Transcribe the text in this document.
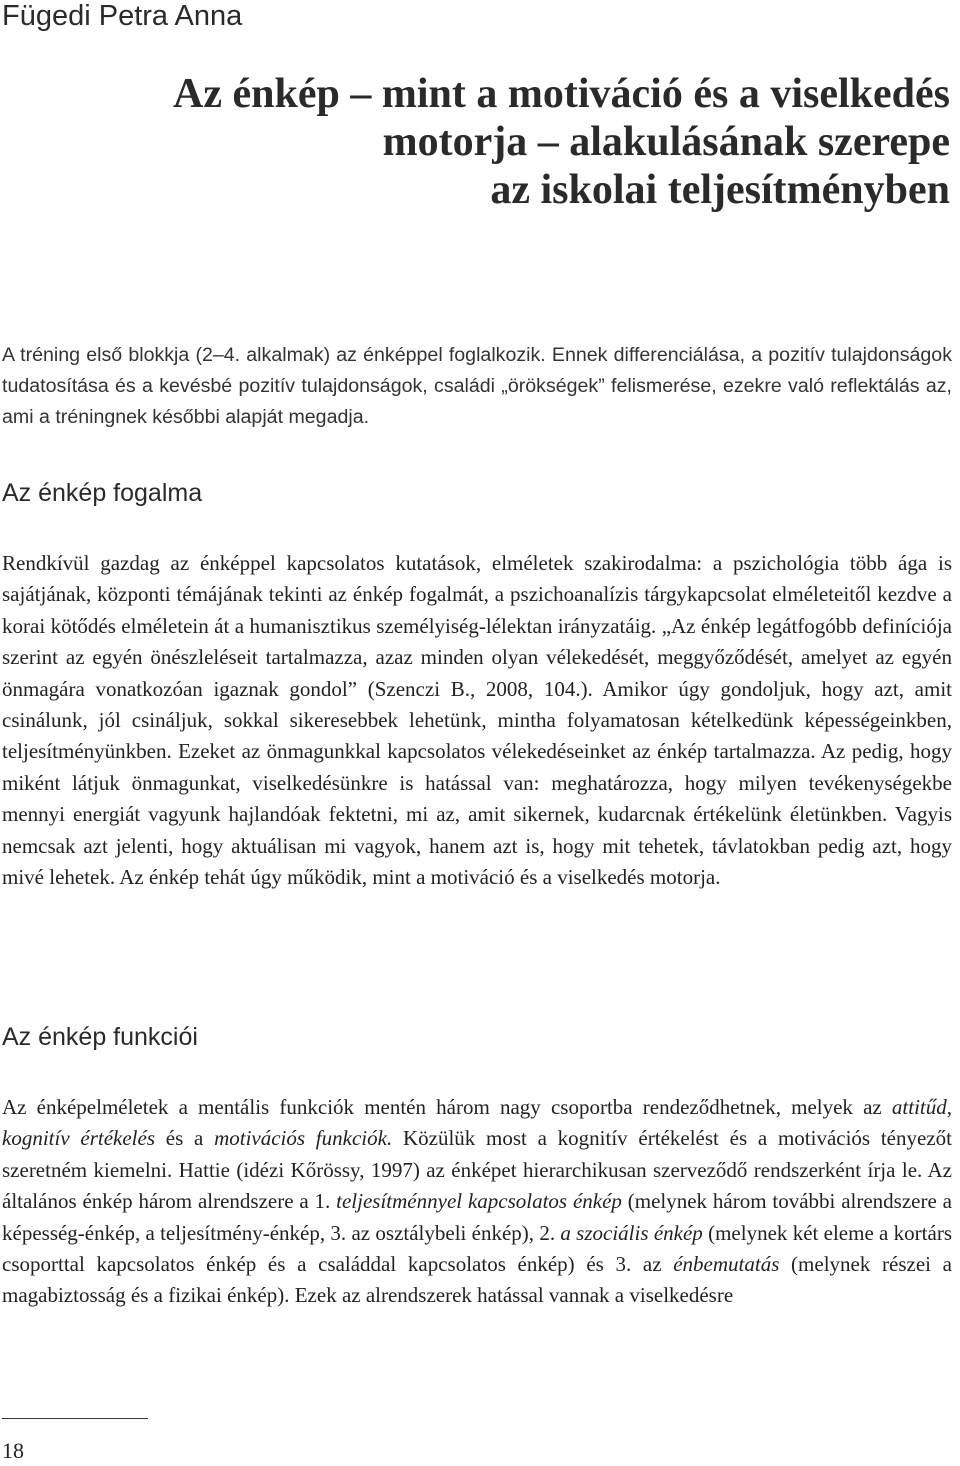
Fügedi Petra Anna
Az énkép – mint a motiváció és a viselkedés
motorja – alakulásának szerepe
az iskolai teljesítményben

A tréning első blokkja (2–4. alkalmak) az énképpel foglalkozik. Ennek differenciálása, a pozitív tulajdonságok tudatosítása és a kevésbé pozitív tulajdonságok, családi „örökségek” felismerése, ezekre való reflektálás az, ami a tréningnek későbbi alapját megadja.

Az énkép fogalma

Rendkívül gazdag az énképpel kapcsolatos kutatások, elméletek szakirodalma: a pszichológia több ága is sajátjának, központi témájának tekinti az énkép fogalmát, a pszichoanalízis tárgykapcsolat elméleteitől kezdve a korai kötődés elméletein át a humanisztikus személyiség-lélektan irányzatáig. „Az énkép legátfogóbb definíciója szerint az egyén önészleléseit tartalmazza, azaz minden olyan vélekedését, meggyőződését, amelyet az egyén önmagára vonatkozóan igaznak gondol” (Szenczi B., 2008, 104.). Amikor úgy gondoljuk, hogy azt, amit csinálunk, jól csináljuk, sokkal sikeresebbek lehetünk, mintha folyamatosan kételkedünk képességeinkben, teljesítményünkben. Ezeket az önmagunkkal kapcsolatos vélekedéseinket az énkép tartalmazza. Az pedig, hogy miként látjuk önmagunkat, viselkedésünkre is hatással van: meghatározza, hogy milyen tevékenységekbe mennyi energiát vagyunk hajlandóak fektetni, mi az, amit sikernek, kudarcnak értékelünk életünkben. Vagyis nemcsak azt jelenti, hogy aktuálisan mi vagyok, hanem azt is, hogy mit tehetek, távlatokban pedig azt, hogy mivé lehetek. Az énkép tehát úgy működik, mint a motiváció és a viselkedés motorja.

Az énkép funkciói

Az énképelméletek a mentális funkciók mentén három nagy csoportba rendeződhetnek, melyek az attitűd, kognitív értékelés és a motivációs funkciók. Közülük most a kognitív értékelést és a motivációs tényezőt szeretném kiemelni. Hattie (idézi Kőrössy, 1997) az énképet hierarchikusan szerveződő rendszerként írja le. Az általános énkép három alrendszere a 1. teljesítménnyel kapcsolatos énkép (melynek három további alrendszere a képesség-énkép, a teljesítmény-énkép, 3. az osztálybeli énkép), 2. a szociális énkép (melynek két eleme a kortárs csoporttal kapcsolatos énkép és a családdal kapcsolatos énkép) és 3. az énbemutatás (melynek részei a magabiztosság és a fizikai énkép). Ezek az alrendszerek hatással vannak a viselkedésre

18
